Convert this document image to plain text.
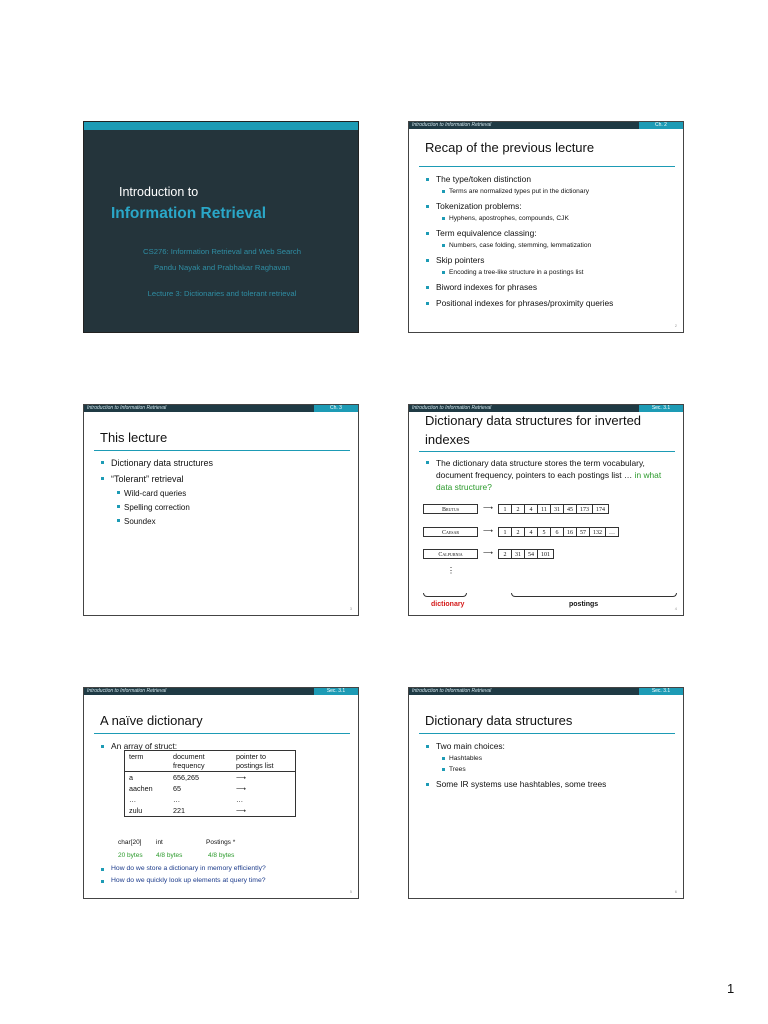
Introduction to
Information Retrieval
CS276: Information Retrieval and Web Search
Pandu Nayak and Prabhakar Raghavan
Lecture 3: Dictionaries and tolerant retrieval
Introduction to Information Retrieval	Ch. 2
Recap of the previous lecture
The type/token distinction
Terms are normalized types put in the dictionary
Tokenization problems:
Hyphens, apostrophes, compounds, CJK
Term equivalence classing:
Numbers, case folding, stemming, lemmatization
Skip pointers
Encoding a tree-like structure in a postings list
Biword indexes for phrases
Positional indexes for phrases/proximity queries
2
Introduction to Information Retrieval	Ch. 3
This lecture
Dictionary data structures
“Tolerant” retrieval
Wild-card queries
Spelling correction
Soundex
3
Introduction to Information Retrieval	Sec. 3.1
Dictionary data structures for inverted indexes
The dictionary data structure stores the term vocabulary, document frequency, pointers to each postings list … in what data structure?
Brutus	⟶	1	2	4	11	31	45	173	174
Caesar	⟶	1	2	4	5	6	16	57	132	…
Calpurnia	⟶	2	31	54	101
⋮
dictionary	postings
4
Introduction to Information Retrieval	Sec. 3.1
A naïve dictionary
An array of struct:
term	document frequency	pointer to postings list
a	656,265	⟶
aachen	65	⟶
…	…	…
zulu	221	⟶
char[20] int	Postings *
20 bytes 4/8 bytes	4/8 bytes
How do we store a dictionary in memory efficiently?
How do we quickly look up elements at query time?
5
Introduction to Information Retrieval	Sec. 3.1
Dictionary data structures
Two main choices:
Hashtables
Trees
Some IR systems use hashtables, some trees
6
1
